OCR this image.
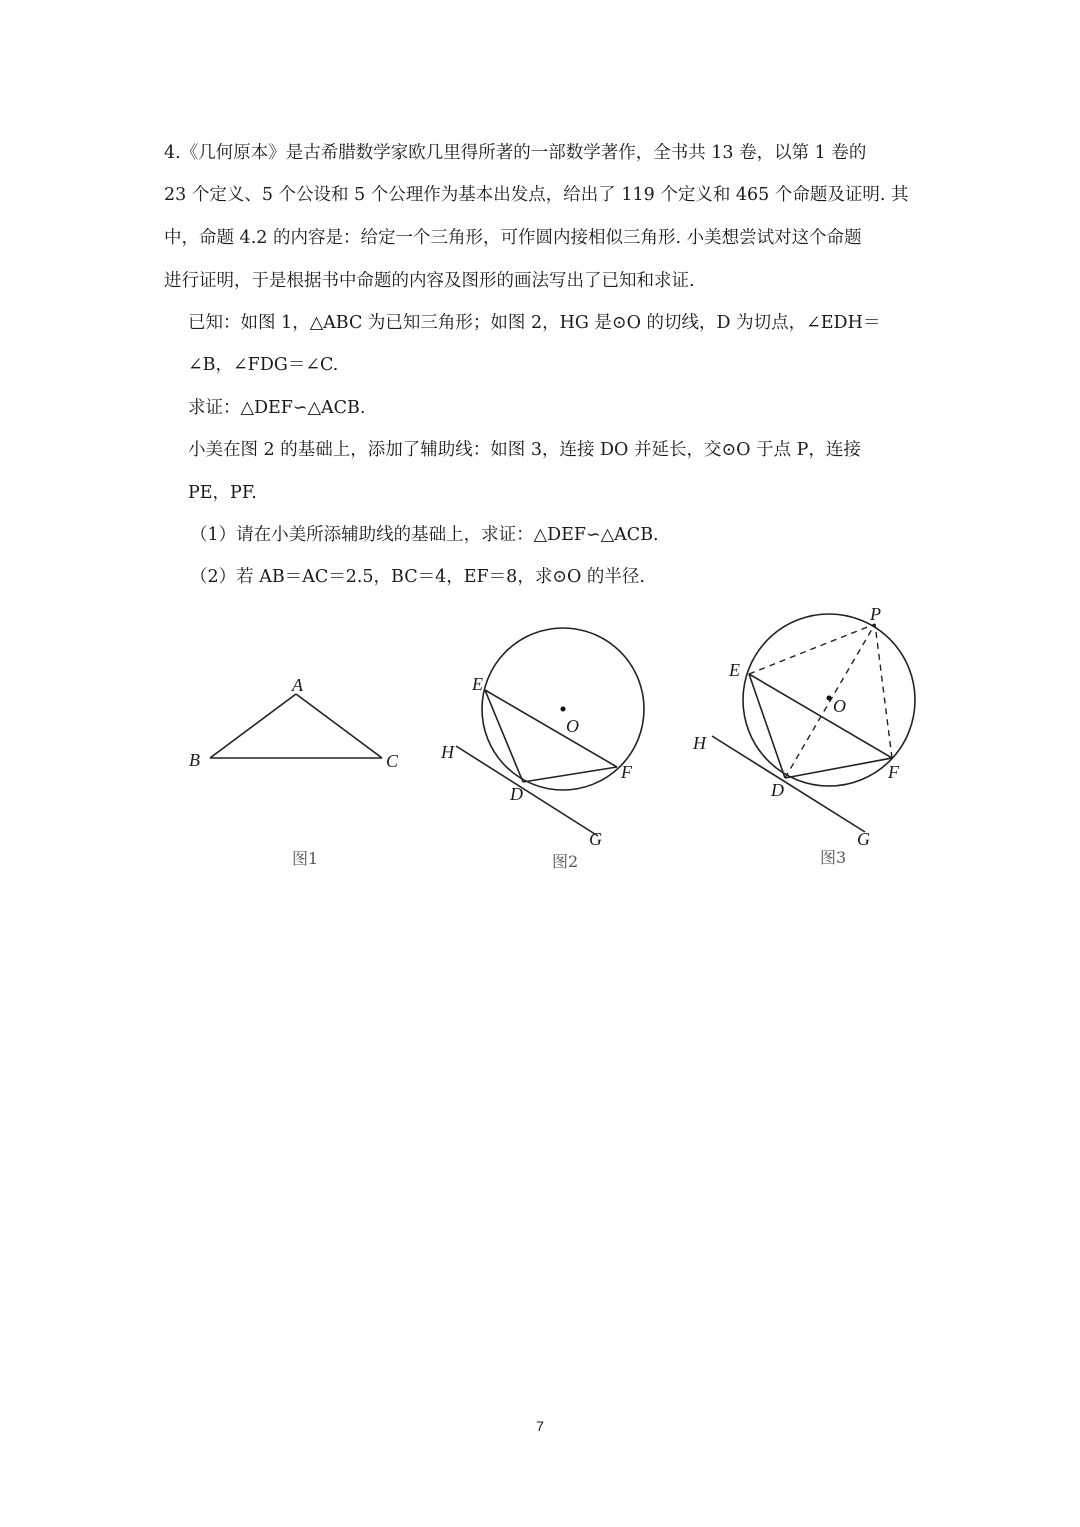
4.《几何原本》是古希腊数学家欧几里得所著的一部数学著作，全书共 13 卷，以第 1 卷的
23 个定义、5 个公设和 5 个公理作为基本出发点，给出了 119 个定义和 465 个命题及证明. 其
中，命题 4.2 的内容是：给定一个三角形，可作圆内接相似三角形. 小美想尝试对这个命题
进行证明，于是根据书中命题的内容及图形的画法写出了已知和求证.
已知：如图 1，△ABC 为已知三角形；如图 2，HG 是⊙O 的切线，D 为切点，∠EDH＝
∠B，∠FDG＝∠C.
求证：△DEF∽△ACB.
小美在图 2 的基础上，添加了辅助线：如图 3，连接 DO 并延长，交⊙O 于点 P，连接
PE，PF.
（1）请在小美所添辅助线的基础上，求证：△DEF∽△ACB.
（2）若 AB＝AC＝2.5，BC＝4，EF＝8，求⊙O 的半径.
A
B	C
图1
E
O
H
F
D
G
图2
P
E
O
H
F
D
G
图3
7
